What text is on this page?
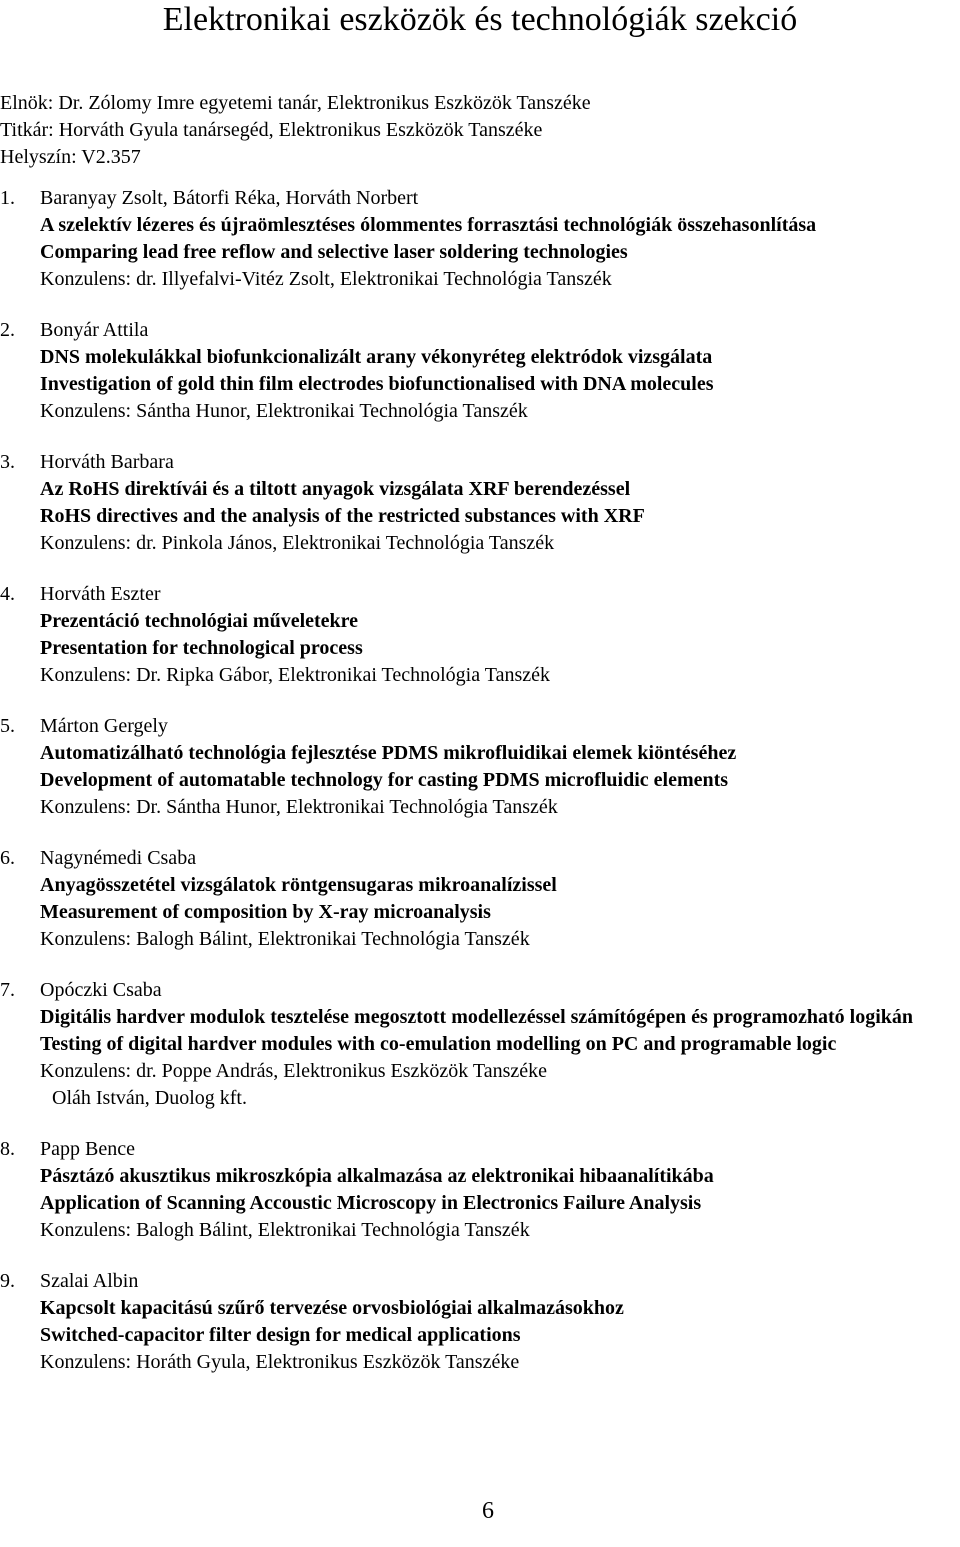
Elektronikai eszközök és technológiák szekció
Elnök: Dr. Zólomy Imre egyetemi tanár, Elektronikus Eszközök Tanszéke
Titkár: Horváth Gyula tanársegéd, Elektronikus Eszközök Tanszéke
Helyszín: V2.357
1. Baranyay Zsolt, Bátorfi Réka, Horváth Norbert
A szelektív lézeres és újraömlesztéses ólommentes forrasztási technológiák összehasonlítása
Comparing lead free reflow and selective laser soldering technologies
Konzulens: dr. Illyefalvi-Vitéz Zsolt, Elektronikai Technológia Tanszék
2. Bonyár Attila
DNS molekulákkal biofunkcionalizált arany vékonyréteg elektródok vizsgálata
Investigation of gold thin film electrodes biofunctionalised with DNA molecules
Konzulens: Sántha Hunor, Elektronikai Technológia Tanszék
3. Horváth Barbara
Az RoHS direktívái és a tiltott anyagok vizsgálata XRF berendezéssel
RoHS directives and the analysis of the restricted substances with XRF
Konzulens: dr. Pinkola János, Elektronikai Technológia Tanszék
4. Horváth Eszter
Prezentáció technológiai műveletekre
Presentation for technological process
Konzulens: Dr. Ripka Gábor, Elektronikai Technológia Tanszék
5. Márton Gergely
Automatizálható technológia fejlesztése PDMS mikrofluidikai elemek kiöntéséhez
Development of automatable technology for casting PDMS microfluidic elements
Konzulens: Dr. Sántha Hunor, Elektronikai Technológia Tanszék
6. Nagynémedi Csaba
Anyagösszetétel vizsgálatok röntgensugaras mikroanalízissel
Measurement of composition by X-ray microanalysis
Konzulens: Balogh Bálint, Elektronikai Technológia Tanszék
7. Opóczki Csaba
Digitális hardver modulok tesztelése megosztott modellezéssel számítógépen és programozható logikán
Testing of digital hardver modules with co-emulation modelling on PC and programable logic
Konzulens: dr. Poppe András, Elektronikus Eszközök Tanszéke
Oláh István, Duolog kft.
8. Papp Bence
Pásztázó akusztikus mikroszkópia alkalmazása az elektronikai hibaanalítikába
Application of Scanning Accoustic Microscopy in Electronics Failure Analysis
Konzulens: Balogh Bálint, Elektronikai Technológia Tanszék
9. Szalai Albin
Kapcsolt kapacitású szűrő tervezése orvosbiológiai alkalmazásokhoz
Switched-capacitor filter design for medical applications
Konzulens: Horáth Gyula, Elektronikus Eszközök Tanszéke
6
